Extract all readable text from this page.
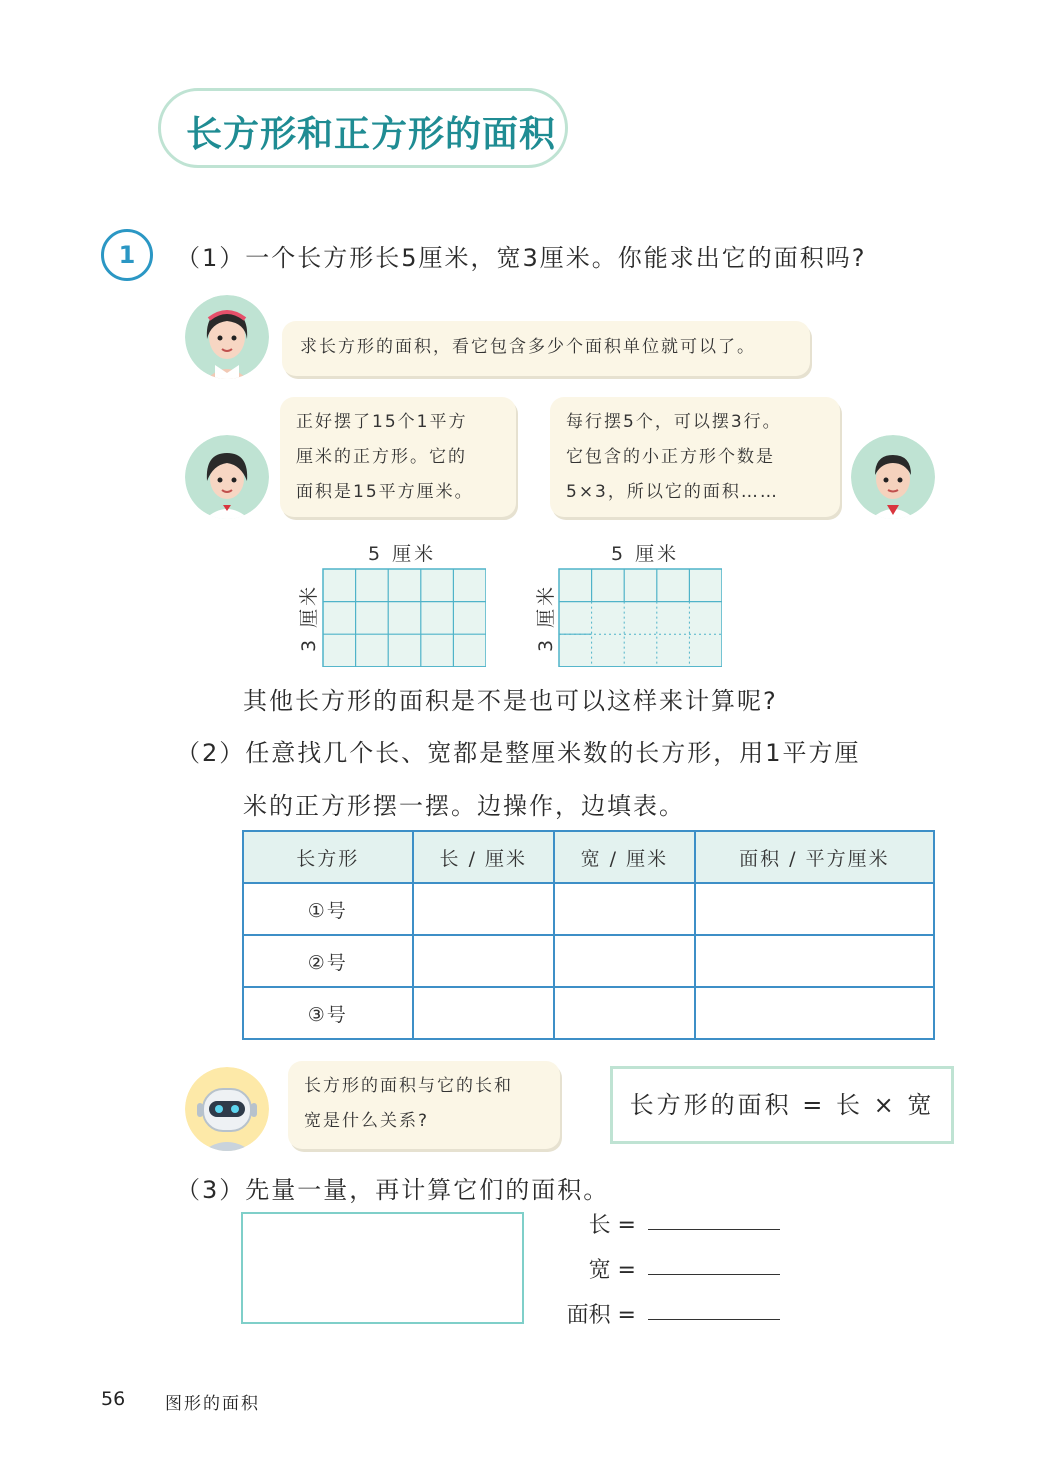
长方形和正方形的面积
1	（1）一个长方形长5厘米，宽3厘米。你能求出它的面积吗?
求长方形的面积，看它包含多少个面积单位就可以了。
正好摆了15个1平方
厘米的正方形。它的
面积是15平方厘米。
每行摆5个，可以摆3行。
它包含的小正方形个数是
5×3，所以它的面积……
5 厘米
3 厘米
5 厘米
3 厘米
其他长方形的面积是不是也可以这样来计算呢?
（2）任意找几个长、宽都是整厘米数的长方形，用1平方厘
米的正方形摆一摆。边操作，边填表。
长方形	长 / 厘米	宽 / 厘米	面积 / 平方厘米
①号			
②号			
③号			
长方形的面积与它的长和
宽是什么关系?
长方形的面积 = 长 × 宽
（3）先量一量，再计算它们的面积。
长 =
宽 =
面积 =
56 图形的面积
